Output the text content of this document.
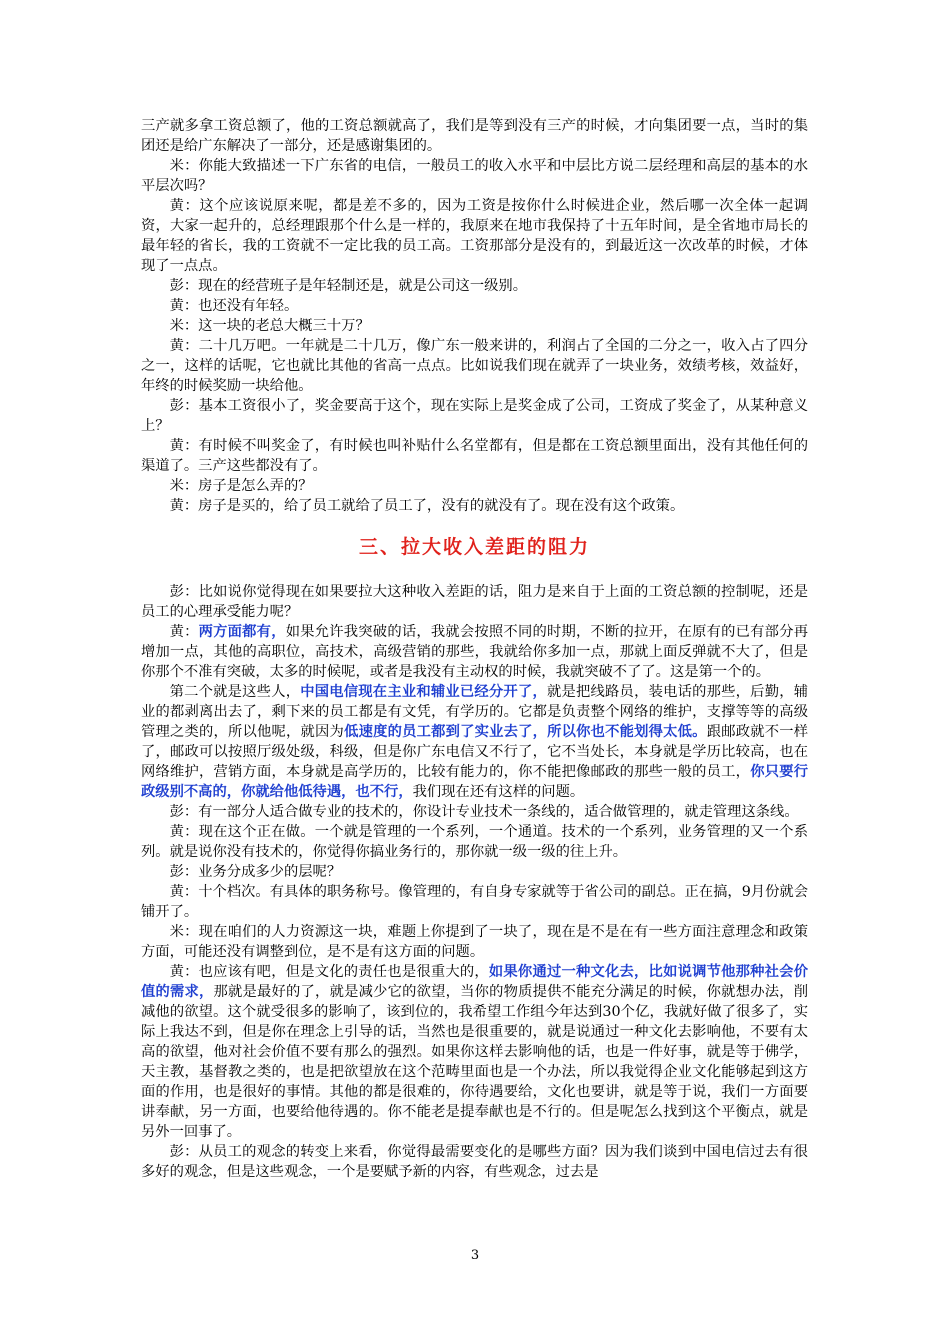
三产就多拿工资总额了，他的工资总额就高了，我们是等到没有三产的时候，才向集团要一点，当时的集团还是给广东解决了一部分，还是感谢集团的。

米：你能大致描述一下广东省的电信，一般员工的收入水平和中层比方说二层经理和高层的基本的水平层次吗？

黄：这个应该说原来呢，都是差不多的，因为工资是按你什么时候进企业，然后哪一次全体一起调资，大家一起升的，总经理跟那个什么是一样的，我原来在地市我保持了十五年时间，是全省地市局长的最年轻的省长，我的工资就不一定比我的员工高。工资那部分是没有的，到最近这一次改革的时候，才体现了一点点。

彭：现在的经营班子是年轻制还是，就是公司这一级别。

黄：也还没有年轻。

米：这一块的老总大概三十万？

黄：二十几万吧。一年就是二十几万，像广东一般来讲的，利润占了全国的二分之一，收入占了四分之一，这样的话呢，它也就比其他的省高一点点。比如说我们现在就弄了一块业务，效绩考核，效益好，年终的时候奖励一块给他。

彭：基本工资很小了，奖金要高于这个，现在实际上是奖金成了公司，工资成了奖金了，从某种意义上？

黄：有时候不叫奖金了，有时候也叫补贴什么名堂都有，但是都在工资总额里面出，没有其他任何的渠道了。三产这些都没有了。

米：房子是怎么弄的？

黄：房子是买的，给了员工就给了员工了，没有的就没有了。现在没有这个政策。

三、拉大收入差距的阻力

彭：比如说你觉得现在如果要拉大这种收入差距的话，阻力是来自于上面的工资总额的控制呢，还是员工的心理承受能力呢？

黄：两方面都有，如果允许我突破的话，我就会按照不同的时期，不断的拉开，在原有的已有部分再增加一点，其他的高职位，高技术，高级营销的那些，我就给你多加一点，那就上面反弹就不大了，但是你那个不准有突破，太多的时候呢，或者是我没有主动权的时候，我就突破不了了。这是第一个的。

第二个就是这些人，中国电信现在主业和辅业已经分开了，就是把线路员，装电话的那些，后勤，辅业的都剥离出去了，剩下来的员工都是有文凭，有学历的。它都是负责整个网络的维护，支撑等等的高级管理之类的，所以他呢，就因为低速度的员工都到了实业去了，所以你也不能划得太低。跟邮政就不一样了，邮政可以按照厅级处级，科级，但是你广东电信又不行了，它不当处长，本身就是学历比较高，也在网络维护，营销方面，本身就是高学历的，比较有能力的，你不能把像邮政的那些一般的员工，你只要行政级别不高的，你就给他低待遇，也不行，我们现在还有这样的问题。

彭：有一部分人适合做专业的技术的，你设计专业技术一条线的，适合做管理的，就走管理这条线。

黄：现在这个正在做。一个就是管理的一个系列，一个通道。技术的一个系列，业务管理的又一个系列。就是说你没有技术的，你觉得你搞业务行的，那你就一级一级的往上升。

彭：业务分成多少的层呢？

黄：十个档次。有具体的职务称号。像管理的，有自身专家就等于省公司的副总。正在搞，9月份就会铺开了。

米：现在咱们的人力资源这一块，难题上你提到了一块了，现在是不是在有一些方面注意理念和政策方面，可能还没有调整到位，是不是有这方面的问题。

黄：也应该有吧，但是文化的责任也是很重大的，如果你通过一种文化去，比如说调节他那种社会价值的需求，那就是最好的了，就是减少它的欲望，当你的物质提供不能充分满足的时候，你就想办法，削减他的欲望。这个就受很多的影响了，该到位的，我希望工作组今年达到30个亿，我就好做了很多了，实际上我达不到，但是你在理念上引导的话，当然也是很重要的，就是说通过一种文化去影响他，不要有太高的欲望，他对社会价值不要有那么的强烈。如果你这样去影响他的话，也是一件好事，就是等于佛学，天主教，基督教之类的，也是把欲望放在这个范畴里面也是一个办法，所以我觉得企业文化能够起到这方面的作用，也是很好的事情。其他的都是很难的，你待遇要给，文化也要讲，就是等于说，我们一方面要讲奉献，另一方面，也要给他待遇的。你不能老是提奉献也是不行的。但是呢怎么找到这个平衡点，就是另外一回事了。

彭：从员工的观念的转变上来看，你觉得最需要变化的是哪些方面？因为我们谈到中国电信过去有很多好的观念，但是这些观念，一个是要赋予新的内容，有些观念，过去是

3
